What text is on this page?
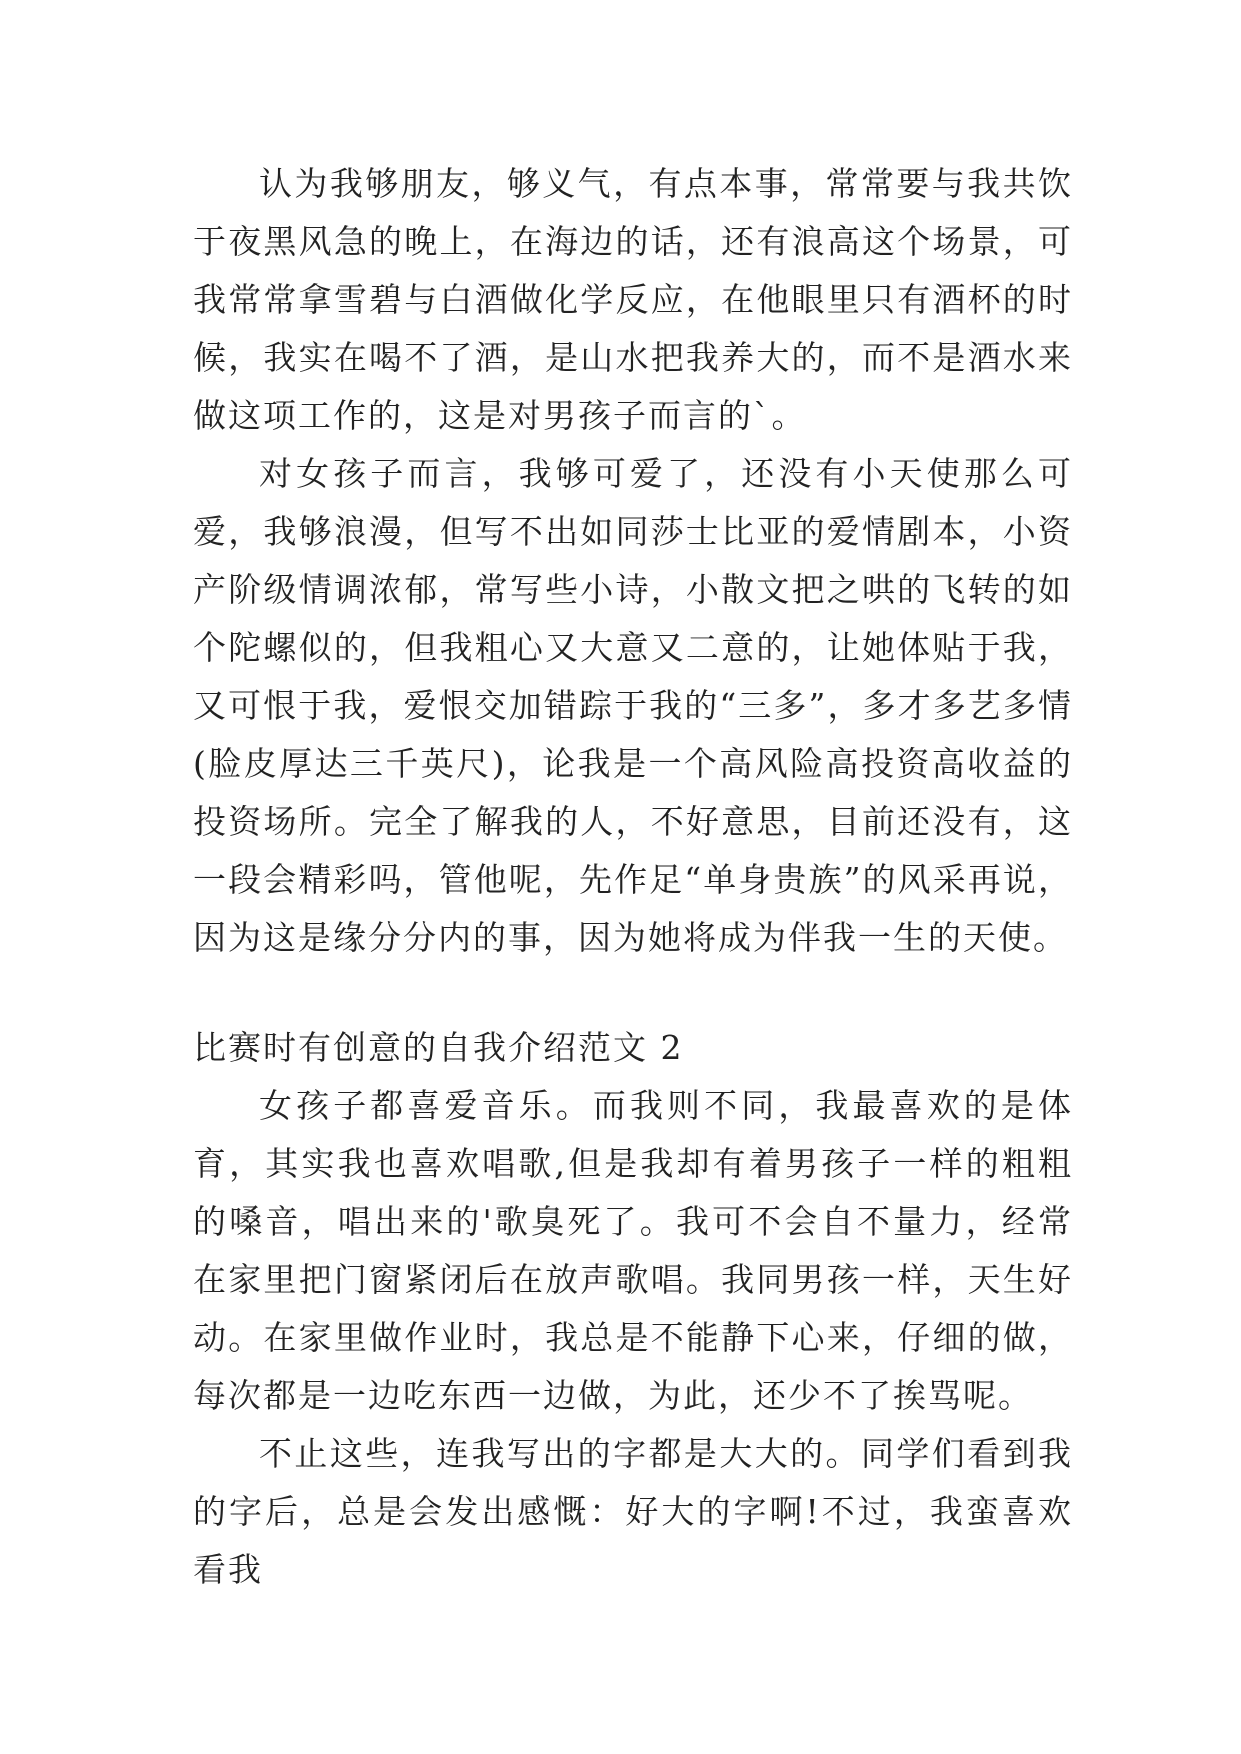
认为我够朋友，够义气，有点本事，常常要与我共饮于夜黑风急的晚上，在海边的话，还有浪高这个场景，可我常常拿雪碧与白酒做化学反应，在他眼里只有酒杯的时候，我实在喝不了酒，是山水把我养大的，而不是酒水来做这项工作的，这是对男孩子而言的`。

对女孩子而言，我够可爱了，还没有小天使那么可爱，我够浪漫，但写不出如同莎士比亚的爱情剧本，小资产阶级情调浓郁，常写些小诗，小散文把之哄的飞转的如个陀螺似的，但我粗心又大意又二意的，让她体贴于我，又可恨于我，爱恨交加错踪于我的“三多”，多才多艺多情(脸皮厚达三千英尺)，论我是一个高风险高投资高收益的投资场所。完全了解我的人，不好意思，目前还没有，这一段会精彩吗，管他呢，先作足“单身贵族”的风采再说，因为这是缘分分内的事，因为她将成为伴我一生的天使。

比赛时有创意的自我介绍范文 2

女孩子都喜爱音乐。而我则不同，我最喜欢的是体育，其实我也喜欢唱歌,但是我却有着男孩子一样的粗粗的嗓音，唱出来的'歌臭死了。我可不会自不量力，经常在家里把门窗紧闭后在放声歌唱。我同男孩一样，天生好动。在家里做作业时，我总是不能静下心来，仔细的做，每次都是一边吃东西一边做，为此，还少不了挨骂呢。

不止这些，连我写出的字都是大大的。同学们看到我的字后，总是会发出感慨：好大的字啊!不过，我蛮喜欢看我
